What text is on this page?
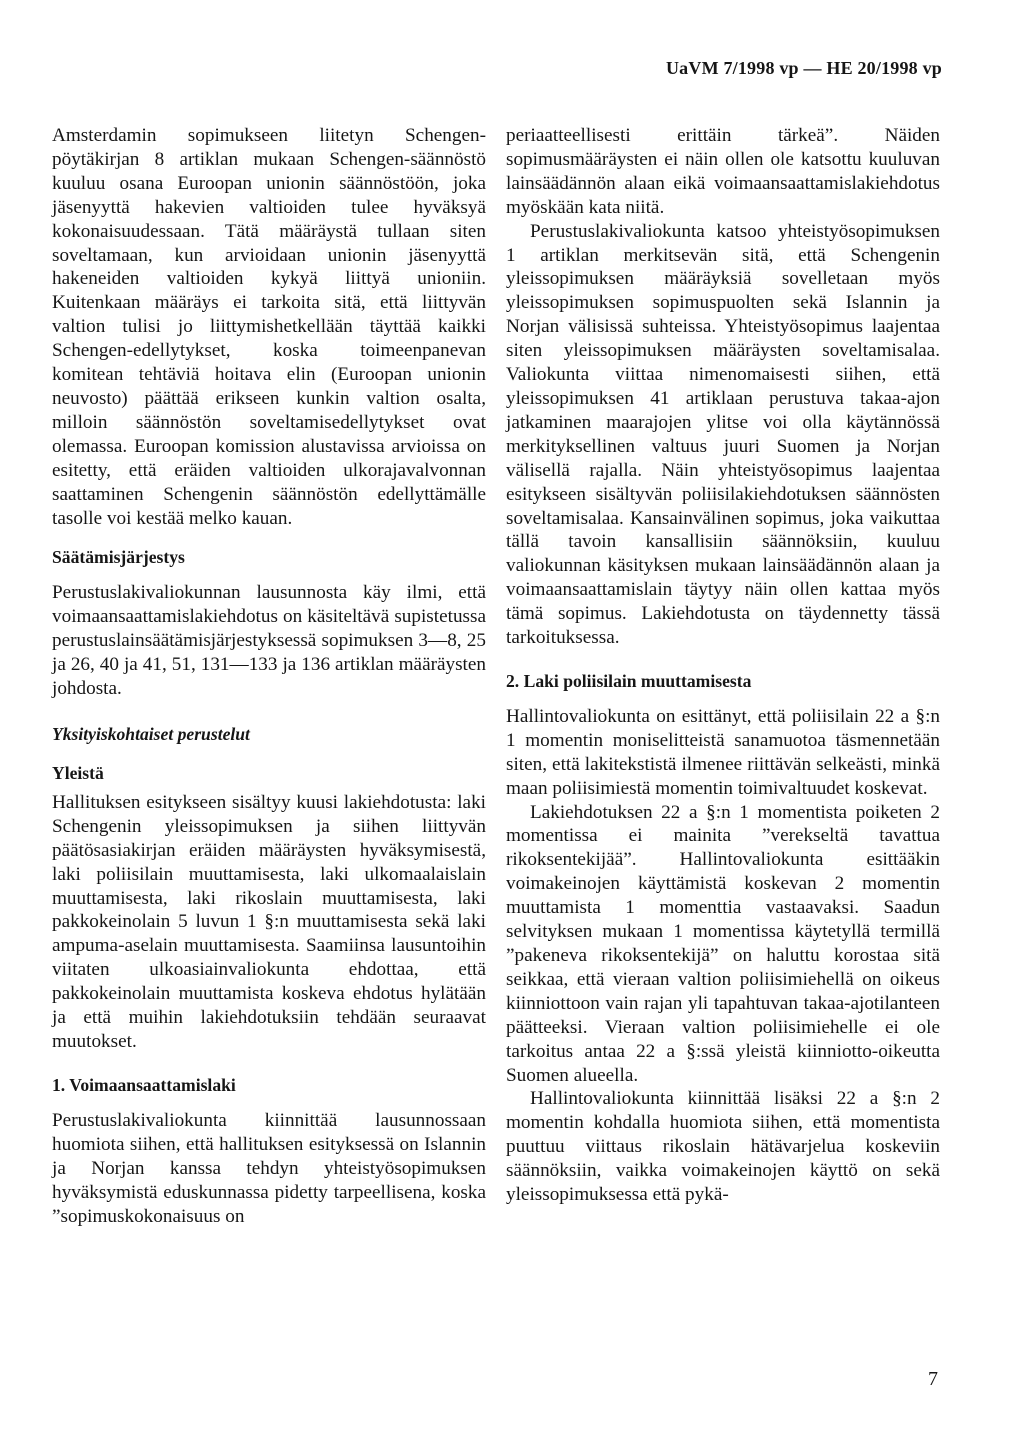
UaVM 7/1998 vp — HE 20/1998 vp

Amsterdamin sopimukseen liitetyn Schengen-pöytäkirjan 8 artiklan mukaan Schengen-säännöstö kuuluu osana Euroopan unionin säännöstöön, joka jäsenyyttä hakevien valtioiden tulee hyväksyä kokonaisuudessaan. Tätä määräystä tullaan siten soveltamaan, kun arvioidaan unionin jäsenyyttä hakeneiden valtioiden kykyä liittyä unioniin. Kuitenkaan määräys ei tarkoita sitä, että liittyvän valtion tulisi jo liittymishetkellään täyttää kaikki Schengen-edellytykset, koska toimeenpanevan komitean tehtäviä hoitava elin (Euroopan unionin neuvosto) päättää erikseen kunkin valtion osalta, milloin säännöstön soveltamisedellytykset ovat olemassa. Euroopan komission alustavissa arvioissa on esitetty, että eräiden valtioiden ulkorajavalvonnan saattaminen Schengenin säännöstön edellyttämälle tasolle voi kestää melko kauan.

Säätämisjärjestys

Perustuslakivaliokunnan lausunnosta käy ilmi, että voimaansaattamislakiehdotus on käsiteltävä supistetussa perustuslainsäätämisjärjestyksessä sopimuksen 3—8, 25 ja 26, 40 ja 41, 51, 131—133 ja 136 artiklan määräysten johdosta.

Yksityiskohtaiset perustelut
Yleistä

Hallituksen esitykseen sisältyy kuusi lakiehdotusta: laki Schengenin yleissopimuksen ja siihen liittyvän päätösasiakirjan eräiden määräysten hyväksymisestä, laki poliisilain muuttamisesta, laki ulkomaalaislain muuttamisesta, laki rikoslain muuttamisesta, laki pakkokeinolain 5 luvun 1 §:n muuttamisesta sekä laki ampuma-aselain muuttamisesta. Saamiinsa lausuntoihin viitaten ulkoasiainvaliokunta ehdottaa, että pakkokeinolain muuttamista koskeva ehdotus hylätään ja että muihin lakiehdotuksiin tehdään seuraavat muutokset.

1. Voimaansaattamislaki

Perustuslakivaliokunta kiinnittää lausunnossaan huomiota siihen, että hallituksen esityksessä on Islannin ja Norjan kanssa tehdyn yhteistyösopimuksen hyväksymistä eduskunnassa pidetty tarpeellisena, koska ”sopimuskokonaisuus on

periaatteellisesti erittäin tärkeä”. Näiden sopimusmääräysten ei näin ollen ole katsottu kuuluvan lainsäädännön alaan eikä voimaansaattamislakiehdotus myöskään kata niitä.

Perustuslakivaliokunta katsoo yhteistyösopimuksen 1 artiklan merkitsevän sitä, että Schengenin yleissopimuksen määräyksiä sovelletaan myös yleissopimuksen sopimuspuolten sekä Islannin ja Norjan välisissä suhteissa. Yhteistyösopimus laajentaa siten yleissopimuksen määräysten soveltamisalaa. Valiokunta viittaa nimenomaisesti siihen, että yleissopimuksen 41 artiklaan perustuva takaa-ajon jatkaminen maarajojen ylitse voi olla käytännössä merkityksellinen valtuus juuri Suomen ja Norjan välisellä rajalla. Näin yhteistyösopimus laajentaa esitykseen sisältyvän poliisilakiehdotuksen säännösten soveltamisalaa. Kansainvälinen sopimus, joka vaikuttaa tällä tavoin kansallisiin säännöksiin, kuuluu valiokunnan käsityksen mukaan lainsäädännön alaan ja voimaansaattamislain täytyy näin ollen kattaa myös tämä sopimus. Lakiehdotusta on täydennetty tässä tarkoituksessa.

2. Laki poliisilain muuttamisesta

Hallintovaliokunta on esittänyt, että poliisilain 22 a §:n 1 momentin moniselitteistä sanamuotoa täsmennetään siten, että lakitekstistä ilmenee riittävän selkeästi, minkä maan poliisimiestä momentin toimivaltuudet koskevat.

Lakiehdotuksen 22 a §:n 1 momentista poiketen 2 momentissa ei mainita ”verekseltä tavattua rikoksentekijää”. Hallintovaliokunta esittääkin voimakeinojen käyttämistä koskevan 2 momentin muuttamista 1 momenttia vastaavaksi. Saadun selvityksen mukaan 1 momentissa käytetyllä termillä ”pakeneva rikoksentekijä” on haluttu korostaa sitä seikkaa, että vieraan valtion poliisimiehellä on oikeus kiinniottoon vain rajan yli tapahtuvan takaa-ajotilanteen päätteeksi. Vieraan valtion poliisimiehelle ei ole tarkoitus antaa 22 a §:ssä yleistä kiinniotto-oikeutta Suomen alueella.

Hallintovaliokunta kiinnittää lisäksi 22 a §:n 2 momentin kohdalla huomiota siihen, että momentista puuttuu viittaus rikoslain hätävarjelua koskeviin säännöksiin, vaikka voimakeinojen käyttö on sekä yleissopimuksessa että pykä-

7
